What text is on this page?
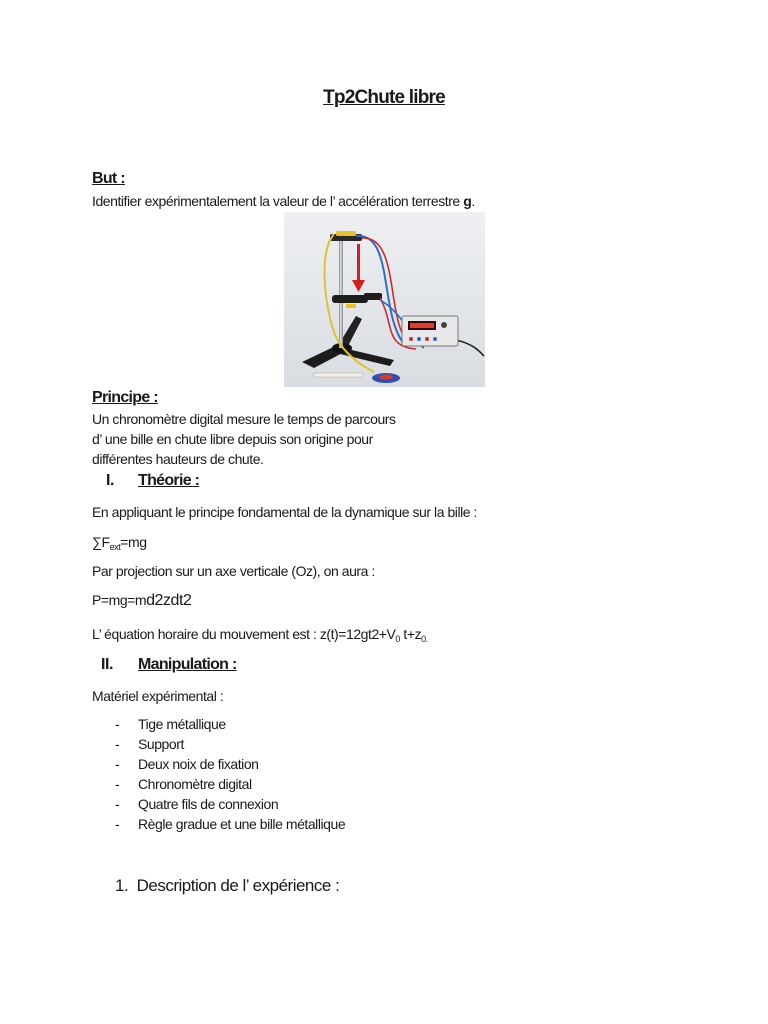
Tp2Chute libre
But :
Identifier expérimentalement la valeur de l’ accélération terrestre g.
Principe :
Un chronomètre digital mesure le temps de parcours
d’ une bille en chute libre depuis son origine pour
différentes hauteurs de chute.
I. Théorie :
En appliquant le principe fondamental de la dynamique sur la bille :
$\sum F_{ext}=mg$
Par projection sur un axe verticale (Oz), on aura :
P=mg=md2zdt2
L’ équation horaire du mouvement est : $z(t)=12gt2+V_0$ $t+z_{0.}$
II. Manipulation :
Matériel expérimental :
-	Tige métallique
-	Support
-	Deux noix de fixation
-	Chronomètre digital
-	Quatre fils de connexion
-	Règle gradue et une bille métallique
1. Description de l’ expérience :
